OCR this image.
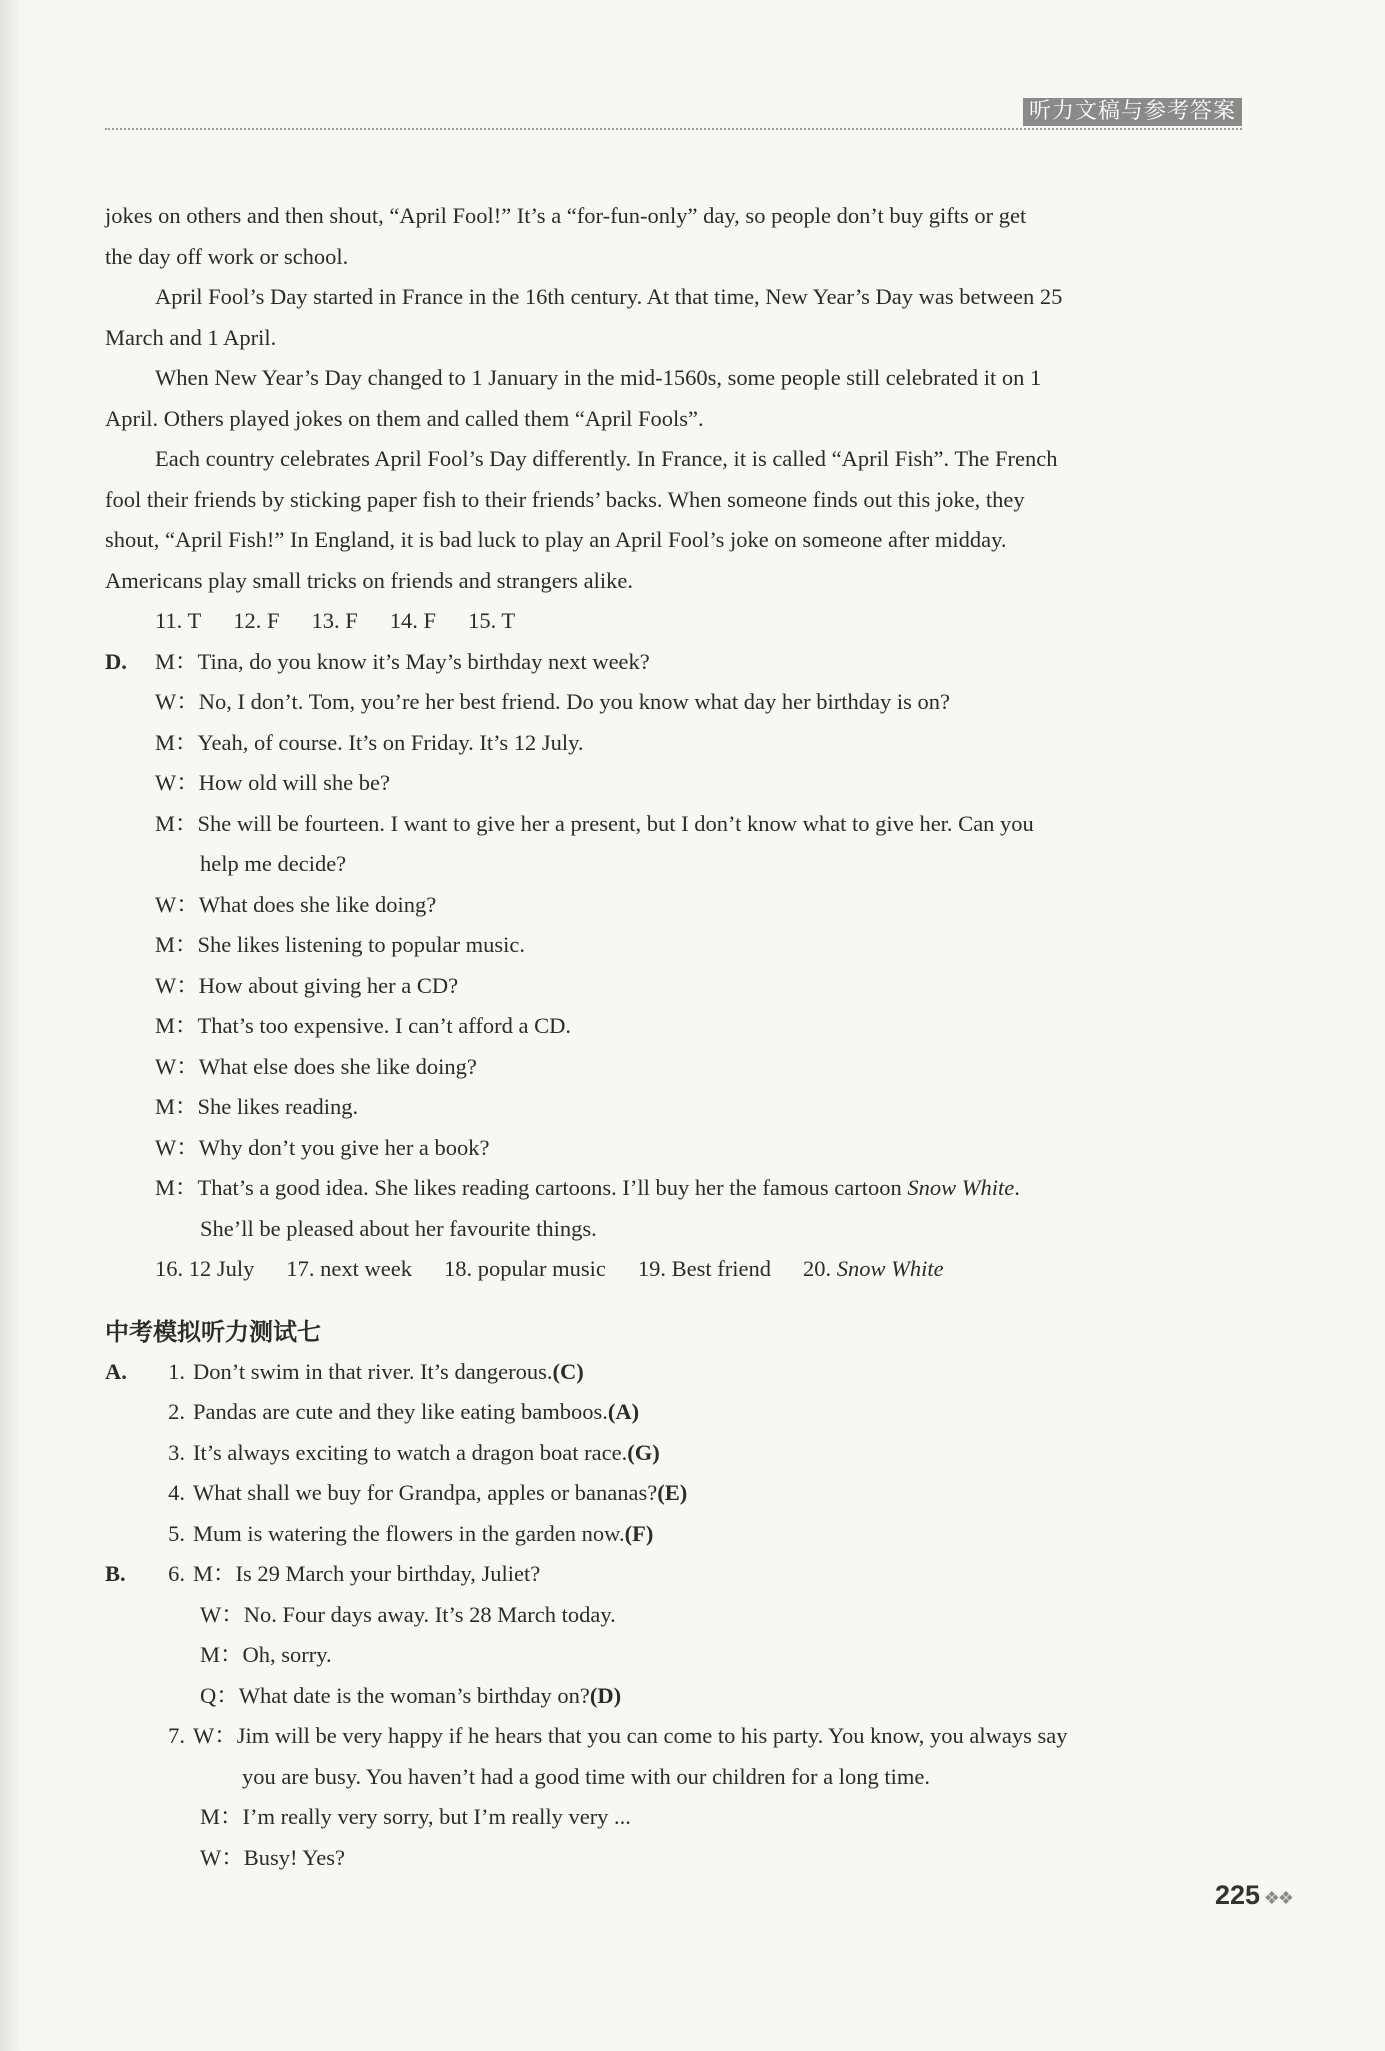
听力文稿与参考答案
jokes on others and then shout, “April Fool!” It’s a “for-fun-only” day, so people don’t buy gifts or get
the day off work or school.
April Fool’s Day started in France in the 16th century. At that time, New Year’s Day was between 25
March and 1 April.
When New Year’s Day changed to 1 January in the mid-1560s, some people still celebrated it on 1
April. Others played jokes on them and called them “April Fools”.
Each country celebrates April Fool’s Day differently. In France, it is called “April Fish”. The French
fool their friends by sticking paper fish to their friends’ backs. When someone finds out this joke, they
shout, “April Fish!” In England, it is bad luck to play an April Fool’s joke on someone after midday.
Americans play small tricks on friends and strangers alike.
11. T 12. F 13. F 14. F 15. T
D. M：Tina, do you know it’s May’s birthday next week?
W：No, I don’t. Tom, you’re her best friend. Do you know what day her birthday is on?
M：Yeah, of course. It’s on Friday. It’s 12 July.
W：How old will she be?
M：She will be fourteen. I want to give her a present, but I don’t know what to give her. Can you
help me decide?
W：What does she like doing?
M：She likes listening to popular music.
W：How about giving her a CD?
M：That’s too expensive. I can’t afford a CD.
W：What else does she like doing?
M：She likes reading.
W：Why don’t you give her a book?
M：That’s a good idea. She likes reading cartoons. I’ll buy her the famous cartoon Snow White.
She’ll be pleased about her favourite things.
16. 12 July 17. next week 18. popular music 19. Best friend 20. Snow White
中考模拟听力测试七
A. 1. Don’t swim in that river. It’s dangerous.(C)
2. Pandas are cute and they like eating bamboos.(A)
3. It’s always exciting to watch a dragon boat race.(G)
4. What shall we buy for Grandpa, apples or bananas?(E)
5. Mum is watering the flowers in the garden now.(F)
B. 6. M：Is 29 March your birthday, Juliet?
W：No. Four days away. It’s 28 March today.
M：Oh, sorry.
Q：What date is the woman’s birthday on?(D)
7. W：Jim will be very happy if he hears that you can come to his party. You know, you always say
you are busy. You haven’t had a good time with our children for a long time.
M：I’m really very sorry, but I’m really very ...
W：Busy! Yes?
225 ❖❖
